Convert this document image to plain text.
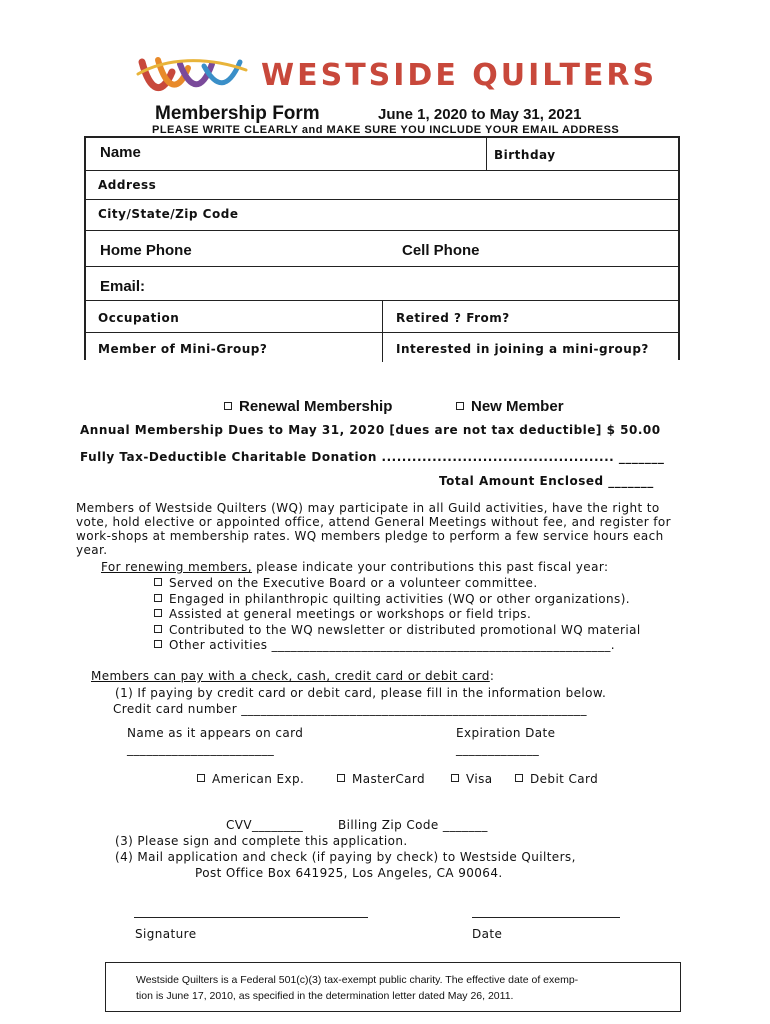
WESTSIDE QUILTERS
Membership Form	June 1, 2020 to May 31, 2021
PLEASE WRITE CLEARLY and MAKE SURE YOU INCLUDE YOUR EMAIL ADDRESS
Name	Birthday
Address
City/State/Zip Code
Home Phone	Cell Phone
Email:
Occupation	Retired ? From?
Member of Mini-Group?	Interested in joining a mini-group?
Renewal Membership	New Member
Annual Membership Dues to May 31, 2020 [dues are not tax deductible] $ 50.00
Fully Tax-Deductible Charitable Donation .............................................. _______
Total Amount Enclosed _______
Members of Westside Quilters (WQ) may participate in all Guild activities, have the right to vote, hold elective or appointed office, attend General Meetings without fee, and register for work-shops at membership rates. WQ members pledge to perform a few service hours each year.
For renewing members, please indicate your contributions this past fiscal year:
Served on the Executive Board or a volunteer committee.
Engaged in philanthropic quilting activities (WQ or other organizations).
Assisted at general meetings or workshops or field trips.
Contributed to the WQ newsletter or distributed promotional WQ material
Other activities _____________________________________________________.
Members can pay with a check, cash, credit card or debit card:
(1) If paying by credit card or debit card, please fill in the information below.
Credit card number ______________________________________________________
Name as it appears on card
_______________________
Expiration Date
_____________
American Exp.	MasterCard	Visa	Debit Card
CVV________	Billing Zip Code _______
(3) Please sign and complete this application.
(4) Mail application and check (if paying by check) to Westside Quilters,
Post Office Box 641925, Los Angeles, CA 90064.
Signature	Date
Westside Quilters is a Federal 501(c)(3) tax-exempt public charity. The effective date of exemp-
tion is June 17, 2010, as specified in the determination letter dated May 26, 2011.
